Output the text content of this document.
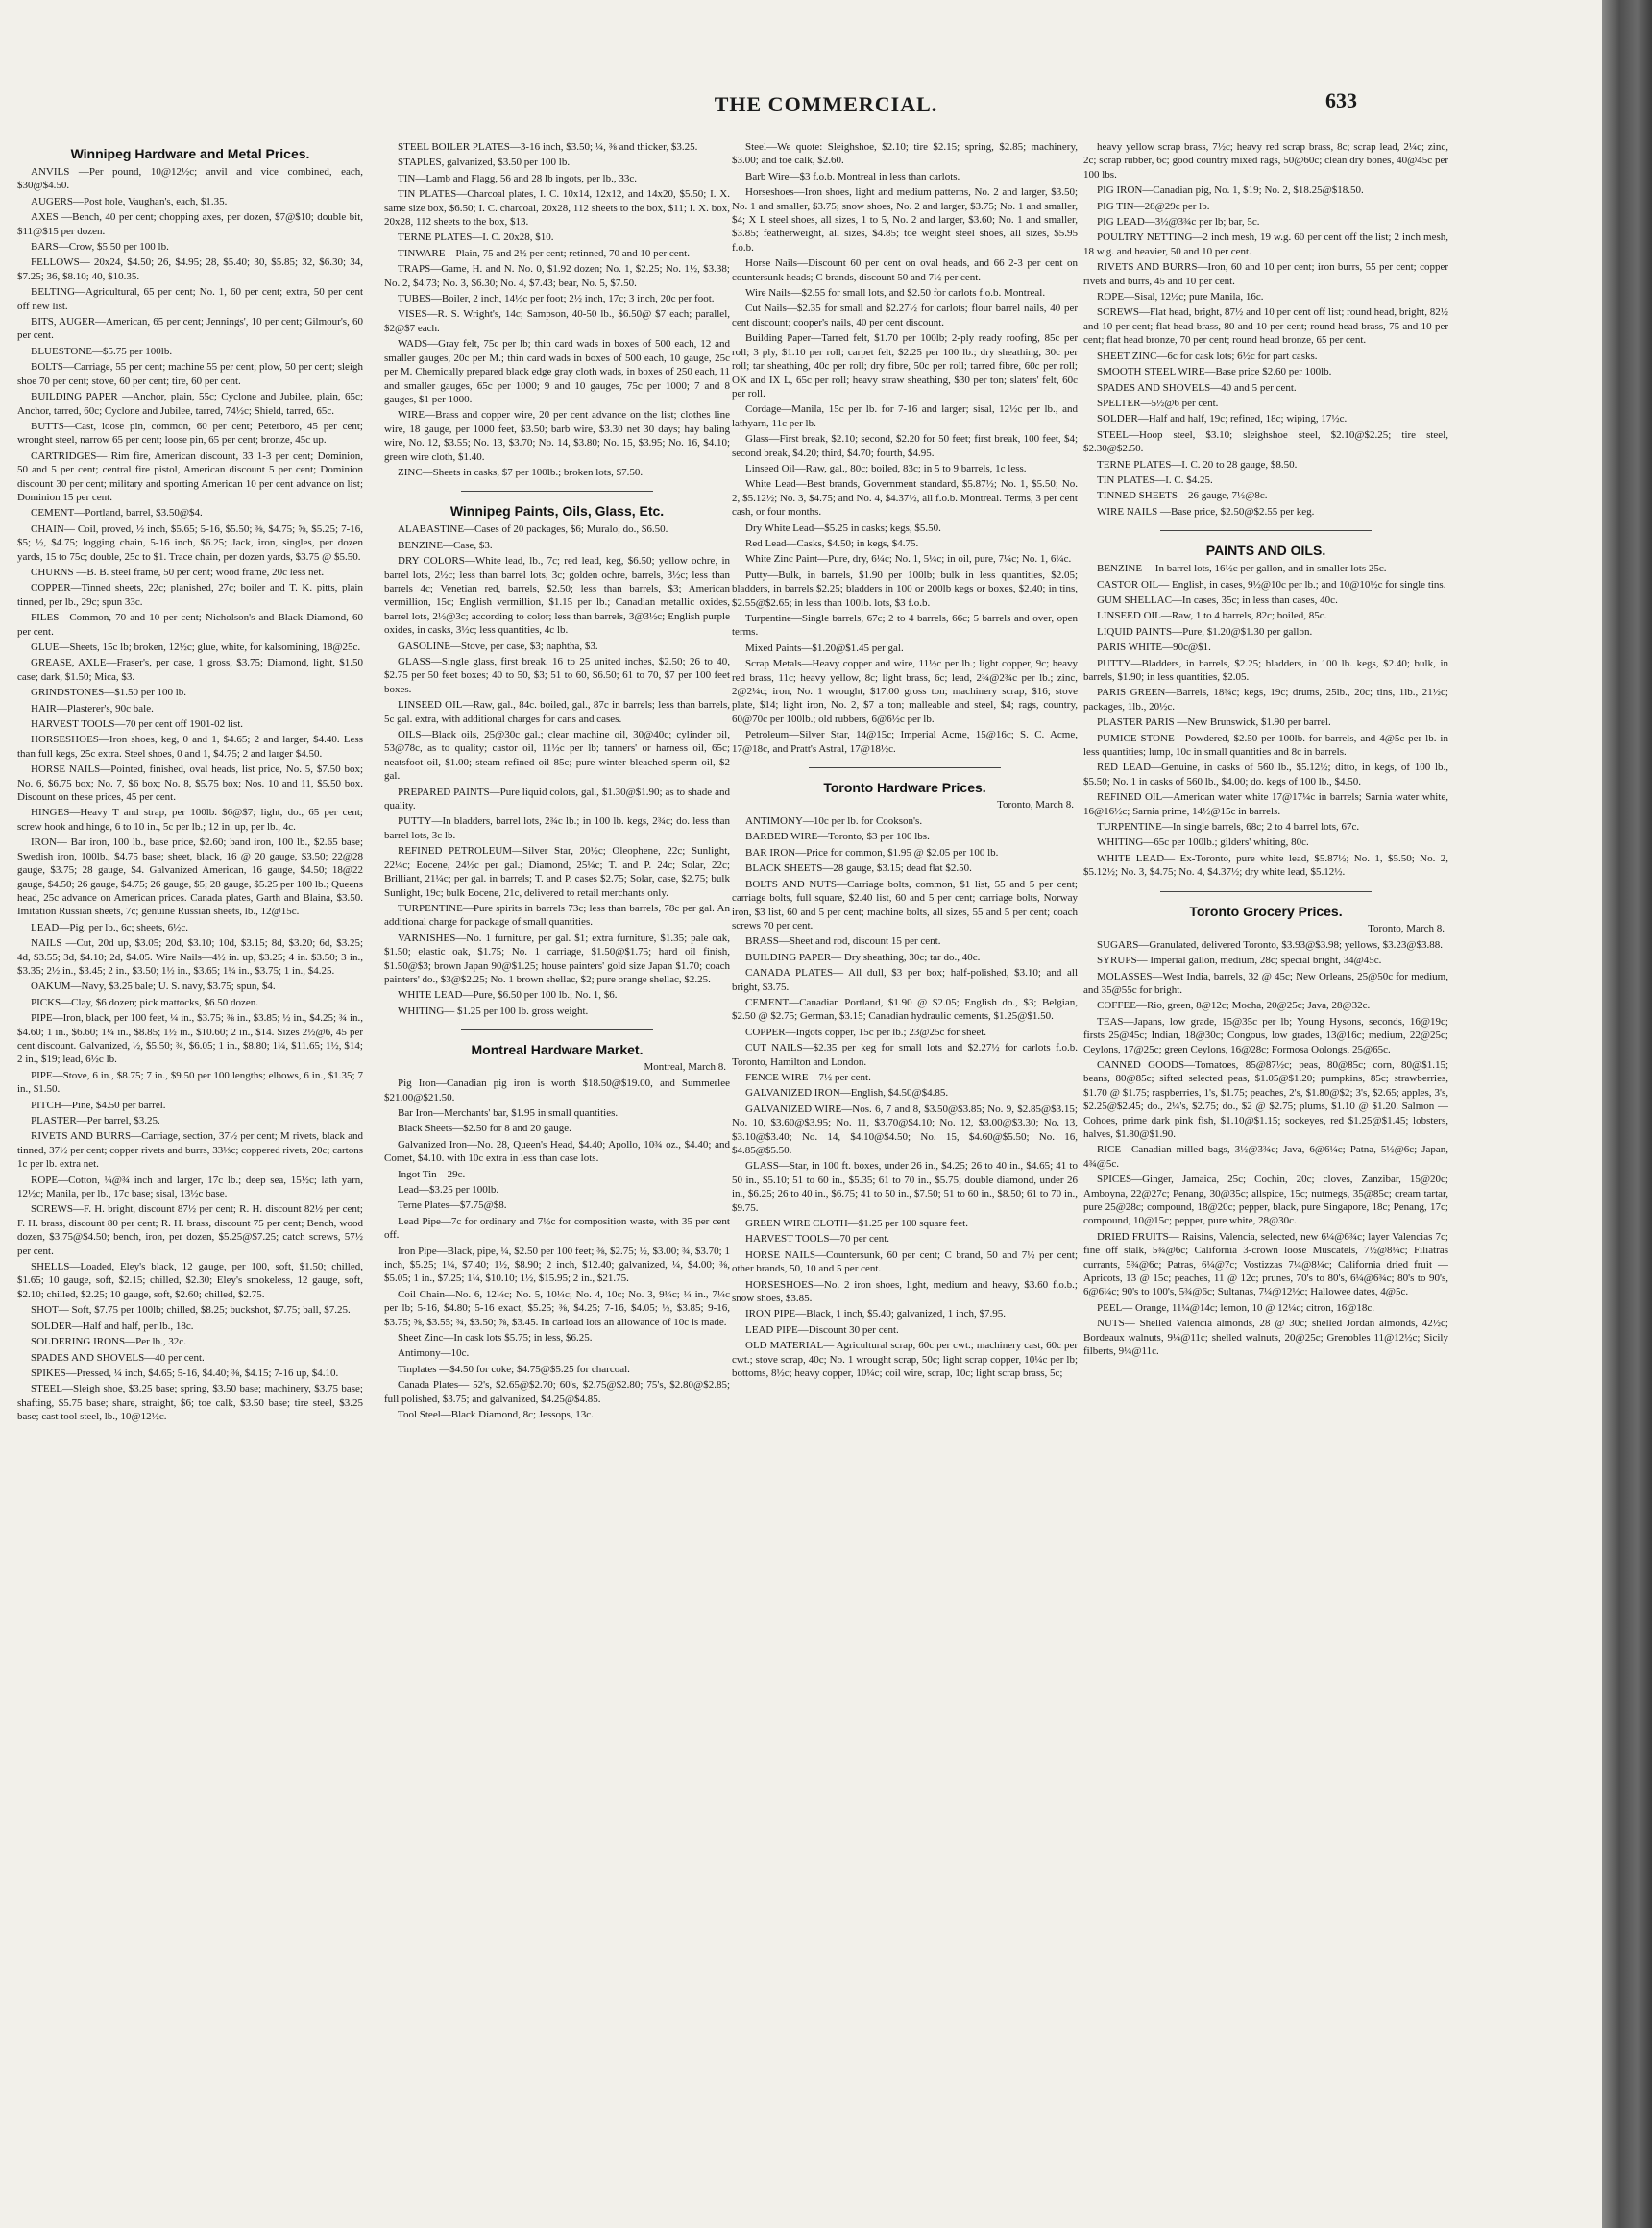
THE COMMERCIAL.	633
Winnipeg Hardware and Metal Prices.

ANVILS —Per pound, 10@12½c; anvil and vice combined, each, $30@$4.50.

AUGERS—Post hole, Vaughan's, each, $1.35.

AXES —Bench, 40 per cent; chopping axes, per dozen, $7@$10; double bit, $11@$15 per dozen.

BARS—Crow, $5.50 per 100 lb.

FELLOWS— 20x24, $4.50; 26, $4.95; 28, $5.40; 30, $5.85; 32, $6.30; 34, $7.25; 36, $8.10; 40, $10.35.

BELTING—Agricultural, 65 per cent; No. 1, 60 per cent; extra, 50 per cent off new list.

BITS, AUGER—American, 65 per cent; Jennings', 10 per cent; Gilmour's, 60 per cent.

BLUESTONE—$5.75 per 100lb.

BOLTS—Carriage, 55 per cent; machine 55 per cent; plow, 50 per cent; sleigh shoe 70 per cent; stove, 60 per cent; tire, 60 per cent.

BUILDING PAPER —Anchor, plain, 55c; Cyclone and Jubilee, plain, 65c; Anchor, tarred, 60c; Cyclone and Jubilee, tarred, 74½c; Shield, tarred, 65c.

BUTTS—Cast, loose pin, common, 60 per cent; Peterboro, 45 per cent; wrought steel, narrow 65 per cent; loose pin, 65 per cent; bronze, 45c up.

CARTRIDGES— Rim fire, American discount, 33 1-3 per cent; Dominion, 50 and 5 per cent; central fire pistol, American discount 5 per cent; Dominion discount 30 per cent; military and sporting American 10 per cent advance on list; Dominion 15 per cent.

CEMENT—Portland, barrel, $3.50@$4.

CHAIN— Coil, proved, ½ inch, $5.65; 5-16, $5.50; ⅜, $4.75; ⅝, $5.25; 7-16, $5; ½, $4.75; logging chain, 5-16 inch, $6.25; Jack, iron, singles, per dozen yards, 15 to 75c; double, 25c to $1. Trace chain, per dozen yards, $3.75 @ $5.50.

CHURNS —B. B. steel frame, 50 per cent; wood frame, 20c less net.

COPPER—Tinned sheets, 22c; planished, 27c; boiler and T. K. pitts, plain tinned, per lb., 29c; spun 33c.

FILES—Common, 70 and 10 per cent; Nicholson's and Black Diamond, 60 per cent.

GLUE—Sheets, 15c lb; broken, 12½c; glue, white, for kalsomining, 18@25c.

GREASE, AXLE—Fraser's, per case, 1 gross, $3.75; Diamond, light, $1.50 case; dark, $1.50; Mica, $3.

GRINDSTONES—$1.50 per 100 lb.

HAIR—Plasterer's, 90c bale.

HARVEST TOOLS—70 per cent off 1901-02 list.

HORSESHOES—Iron shoes, keg, 0 and 1, $4.65; 2 and larger, $4.40. Less than full kegs, 25c extra. Steel shoes, 0 and 1, $4.75; 2 and larger $4.50.

HORSE NAILS—Pointed, finished, oval heads, list price, No. 5, $7.50 box; No. 6, $6.75 box; No. 7, $6 box; No. 8, $5.75 box; Nos. 10 and 11, $5.50 box. Discount on these prices, 45 per cent.

HINGES—Heavy T and strap, per 100lb. $6@$7; light, do., 65 per cent; screw hook and hinge, 6 to 10 in., 5c per lb.; 12 in. up, per lb., 4c.

IRON— Bar iron, 100 lb., base price, $2.60; band iron, 100 lb., $2.65 base; Swedish iron, 100lb., $4.75 base; sheet, black, 16 @ 20 gauge, $3.50; 22@28 gauge, $3.75; 28 gauge, $4. Galvanized American, 16 gauge, $4.50; 18@22 gauge, $4.50; 26 gauge, $4.75; 26 gauge, $5; 28 gauge, $5.25 per 100 lb.; Queens head, 25c advance on American prices. Canada plates, Garth and Blaina, $3.50. Imitation Russian sheets, 7c; genuine Russian sheets, lb., 12@15c.

LEAD—Pig, per lb., 6c; sheets, 6½c.

NAILS —Cut, 20d up, $3.05; 20d, $3.10; 10d, $3.15; 8d, $3.20; 6d, $3.25; 4d, $3.55; 3d, $4.10; 2d, $4.05. Wire Nails—4½ in. up, $3.25; 4 in. $3.50; 3 in., $3.35; 2½ in., $3.45; 2 in., $3.50; 1½ in., $3.65; 1¼ in., $3.75; 1 in., $4.25.

OAKUM—Navy, $3.25 bale; U. S. navy, $3.75; spun, $4.

PICKS—Clay, $6 dozen; pick mattocks, $6.50 dozen.

PIPE—Iron, black, per 100 feet, ¼ in., $3.75; ⅜ in., $3.85; ½ in., $4.25; ¾ in., $4.60; 1 in., $6.60; 1¼ in., $8.85; 1½ in., $10.60; 2 in., $14. Sizes 2½@6, 45 per cent discount. Galvanized, ½, $5.50; ¾, $6.05; 1 in., $8.80; 1¼, $11.65; 1½, $14; 2 in., $19; lead, 6½c lb.

PIPE—Stove, 6 in., $8.75; 7 in., $9.50 per 100 lengths; elbows, 6 in., $1.35; 7 in., $1.50.

PITCH—Pine, $4.50 per barrel.

PLASTER—Per barrel, $3.25.

RIVETS AND BURRS—Carriage, section, 37½ per cent; M rivets, black and tinned, 37½ per cent; copper rivets and burrs, 33⅓c; coppered rivets, 20c; cartons 1c per lb. extra net.

ROPE—Cotton, ¼@¾ inch and larger, 17c lb.; deep sea, 15½c; lath yarn, 12½c; Manila, per lb., 17c base; sisal, 13½c base.

SCREWS—F. H. bright, discount 87½ per cent; R. H. discount 82½ per cent; F. H. brass, discount 80 per cent; R. H. brass, discount 75 per cent; Bench, wood dozen, $3.75@$4.50; bench, iron, per dozen, $5.25@$7.25; catch screws, 57½ per cent.

SHELLS—Loaded, Eley's black, 12 gauge, per 100, soft, $1.50; chilled, $1.65; 10 gauge, soft, $2.15; chilled, $2.30; Eley's smokeless, 12 gauge, soft, $2.10; chilled, $2.25; 10 gauge, soft, $2.60; chilled, $2.75.

SHOT— Soft, $7.75 per 100lb; chilled, $8.25; buckshot, $7.75; ball, $7.25.

SOLDER—Half and half, per lb., 18c.

SOLDERING IRONS—Per lb., 32c.

SPADES AND SHOVELS—40 per cent.

SPIKES—Pressed, ¼ inch, $4.65; 5-16, $4.40; ⅜, $4.15; 7-16 up, $4.10.

STEEL—Sleigh shoe, $3.25 base; spring, $3.50 base; machinery, $3.75 base; shafting, $5.75 base; share, straight, $6; toe calk, $3.50 base; tire steel, $3.25 base; cast tool steel, lb., 10@12½c.

STEEL BOILER PLATES—3-16 inch, $3.50; ¼, ⅜ and thicker, $3.25.

STAPLES, galvanized, $3.50 per 100 lb.

TIN—Lamb and Flagg, 56 and 28 lb ingots, per lb., 33c.

TIN PLATES—Charcoal plates, I. C. 10x14, 12x12, and 14x20, $5.50; I. X. same size box, $6.50; I. C. charcoal, 20x28, 112 sheets to the box, $11; I. X. box, 20x28, 112 sheets to the box, $13.

TERNE PLATES—I. C. 20x28, $10.

TINWARE—Plain, 75 and 2½ per cent; retinned, 70 and 10 per cent.

TRAPS—Game, H. and N. No. 0, $1.92 dozen; No. 1, $2.25; No. 1½, $3.38; No. 2, $4.73; No. 3, $6.30; No. 4, $7.43; bear, No. 5, $7.50.

TUBES—Boiler, 2 inch, 14½c per foot; 2½ inch, 17c; 3 inch, 20c per foot.

VISES—R. S. Wright's, 14c; Sampson, 40-50 lb., $6.50@ $7 each; parallel, $2@$7 each.

WADS—Gray felt, 75c per lb; thin card wads in boxes of 500 each, 12 and smaller gauges, 20c per M.; thin card wads in boxes of 500 each, 10 gauge, 25c per M. Chemically prepared black edge gray cloth wads, in boxes of 250 each, 11 and smaller gauges, 65c per 1000; 9 and 10 gauges, 75c per 1000; 7 and 8 gauges, $1 per 1000.

WIRE—Brass and copper wire, 20 per cent advance on the list; clothes line wire, 18 gauge, per 1000 feet, $3.50; barb wire, $3.30 net 30 days; hay baling wire, No. 12, $3.55; No. 13, $3.70; No. 14, $3.80; No. 15, $3.95; No. 16, $4.10; green wire cloth, $1.40.

ZINC—Sheets in casks, $7 per 100lb.; broken lots, $7.50.

Winnipeg Paints, Oils, Glass, Etc.

ALABASTINE—Cases of 20 packages, $6; Muralo, do., $6.50.

BENZINE—Case, $3.

DRY COLORS—White lead, lb., 7c; red lead, keg, $6.50; yellow ochre, in barrel lots, 2½c; less than barrel lots, 3c; golden ochre, barrels, 3½c; less than barrels 4c; Venetian red, barrels, $2.50; less than barrels, $3; American vermillion, 15c; English vermillion, $1.15 per lb.; Canadian metallic oxides, barrel lots, 2½@3c; according to color; less than barrels, 3@3½c; English purple oxides, in casks, 3½c; less quantities, 4c lb.

GASOLINE—Stove, per case, $3; naphtha, $3.

GLASS—Single glass, first break, 16 to 25 united inches, $2.50; 26 to 40, $2.75 per 50 feet boxes; 40 to 50, $3; 51 to 60, $6.50; 61 to 70, $7 per 100 feet boxes.

LINSEED OIL—Raw, gal., 84c. boiled, gal., 87c in barrels; less than barrels, 5c gal. extra, with additional charges for cans and cases.

OILS—Black oils, 25@30c gal.; clear machine oil, 30@40c; cylinder oil, 53@78c, as to quality; castor oil, 11½c per lb; tanners' or harness oil, 65c; neatsfoot oil, $1.00; steam refined oil 85c; pure winter bleached sperm oil, $2 gal.

PREPARED PAINTS—Pure liquid colors, gal., $1.30@$1.90; as to shade and quality.

PUTTY—In bladders, barrel lots, 2¾c lb.; in 100 lb. kegs, 2¾c; do. less than barrel lots, 3c lb.

REFINED PETROLEUM—Silver Star, 20½c; Oleophene, 22c; Sunlight, 22¼c; Eocene, 24½c per gal.; Diamond, 25¼c; T. and P. 24c; Solar, 22c; Brilliant, 21¼c; per gal. in barrels; T. and P. cases $2.75; Solar, case, $2.75; bulk Sunlight, 19c; bulk Eocene, 21c, delivered to retail merchants only.

TURPENTINE—Pure spirits in barrels 73c; less than barrels, 78c per gal. An additional charge for package of small quantities.

VARNISHES—No. 1 furniture, per gal. $1; extra furniture, $1.35; pale oak, $1.50; elastic oak, $1.75; No. 1 carriage, $1.50@$1.75; hard oil finish, $1.50@$3; brown Japan 90@$1.25; house painters' gold size Japan $1.70; coach painters' do., $3@$2.25; No. 1 brown shellac, $2; pure orange shellac, $2.25.

WHITE LEAD—Pure, $6.50 per 100 lb.; No. 1, $6.

WHITING— $1.25 per 100 lb. gross weight.

Montreal Hardware Market.
Montreal, March 8.

Pig Iron—Canadian pig iron is worth $18.50@$19.00, and Summerlee $21.00@$21.50.

Bar Iron—Merchants' bar, $1.95 in small quantities.

Black Sheets—$2.50 for 8 and 20 gauge.

Galvanized Iron—No. 28, Queen's Head, $4.40; Apollo, 10¾ oz., $4.40; and Comet, $4.10. with 10c extra in less than case lots.

Ingot Tin—29c.

Lead—$3.25 per 100lb.

Terne Plates—$7.75@$8.

Lead Pipe—7c for ordinary and 7½c for composition waste, with 35 per cent off.

Iron Pipe—Black, pipe, ¼, $2.50 per 100 feet; ⅜, $2.75; ½, $3.00; ¾, $3.70; 1 inch, $5.25; 1¼, $7.40; 1½, $8.90; 2 inch, $12.40; galvanized, ¼, $4.00; ⅜, $5.05; 1 in., $7.25; 1¼, $10.10; 1½, $15.95; 2 in., $21.75.

Coil Chain—No. 6, 12¼c; No. 5, 10¼c; No. 4, 10c; No. 3, 9¼c; ¼ in., 7¼c per lb; 5-16, $4.80; 5-16 exact, $5.25; ⅜, $4.25; 7-16, $4.05; ½, $3.85; 9-16, $3.75; ⅝, $3.55; ¾, $3.50; ⅞, $3.45. In carload lots an allowance of 10c is made.

Sheet Zinc—In cask lots $5.75; in less, $6.25.

Antimony—10c.

Tinplates —$4.50 for coke; $4.75@$5.25 for charcoal.

Canada Plates— 52's, $2.65@$2.70; 60's, $2.75@$2.80; 75's, $2.80@$2.85; full polished, $3.75; and galvanized, $4.25@$4.85.

Tool Steel—Black Diamond, 8c; Jessops, 13c.

Steel—We quote: Sleighshoe, $2.10; tire $2.15; spring, $2.85; machinery, $3.00; and toe calk, $2.60.

Barb Wire—$3 f.o.b. Montreal in less than carlots.

Horseshoes—Iron shoes, light and medium patterns, No. 2 and larger, $3.50; No. 1 and smaller, $3.75; snow shoes, No. 2 and larger, $3.75; No. 1 and smaller, $4; X L steel shoes, all sizes, 1 to 5, No. 2 and larger, $3.60; No. 1 and smaller, $3.85; featherweight, all sizes, $4.85; toe weight steel shoes, all sizes, $5.95 f.o.b.

Horse Nails—Discount 60 per cent on oval heads, and 66 2-3 per cent on countersunk heads; C brands, discount 50 and 7½ per cent.

Wire Nails—$2.55 for small lots, and $2.50 for carlots f.o.b. Montreal.

Cut Nails—$2.35 for small and $2.27½ for carlots; flour barrel nails, 40 per cent discount; cooper's nails, 40 per cent discount.

Building Paper—Tarred felt, $1.70 per 100lb; 2-ply ready roofing, 85c per roll; 3 ply, $1.10 per roll; carpet felt, $2.25 per 100 lb.; dry sheathing, 30c per roll; tar sheathing, 40c per roll; dry fibre, 50c per roll; tarred fibre, 60c per roll; OK and IX L, 65c per roll; heavy straw sheathing, $30 per ton; slaters' felt, 60c per roll.

Cordage—Manila, 15c per lb. for 7-16 and larger; sisal, 12½c per lb., and lathyarn, 11c per lb.

Glass—First break, $2.10; second, $2.20 for 50 feet; first break, 100 feet, $4; second break, $4.20; third, $4.70; fourth, $4.95.

Linseed Oil—Raw, gal., 80c; boiled, 83c; in 5 to 9 barrels, 1c less.

White Lead—Best brands, Government standard, $5.87½; No. 1, $5.50; No. 2, $5.12½; No. 3, $4.75; and No. 4, $4.37½, all f.o.b. Montreal. Terms, 3 per cent cash, or four months.

Dry White Lead—$5.25 in casks; kegs, $5.50.

Red Lead—Casks, $4.50; in kegs, $4.75.

White Zinc Paint—Pure, dry, 6¼c; No. 1, 5¼c; in oil, pure, 7¼c; No. 1, 6¼c.

Putty—Bulk, in barrels, $1.90 per 100lb; bulk in less quantities, $2.05; bladders, in barrels $2.25; bladders in 100 or 200lb kegs or boxes, $2.40; in tins, $2.55@$2.65; in less than 100lb. lots, $3 f.o.b.

Turpentine—Single barrels, 67c; 2 to 4 barrels, 66c; 5 barrels and over, open terms.

Mixed Paints—$1.20@$1.45 per gal.

Scrap Metals—Heavy copper and wire, 11½c per lb.; light copper, 9c; heavy red brass, 11c; heavy yellow, 8c; light brass, 6c; lead, 2¾@2¾c per lb.; zinc, 2@2¼c; iron, No. 1 wrought, $17.00 gross ton; machinery scrap, $16; stove plate, $14; light iron, No. 2, $7 a ton; malleable and steel, $4; rags, country, 60@70c per 100lb.; old rubbers, 6@6½c per lb.

Petroleum—Silver Star, 14@15c; Imperial Acme, 15@16c; S. C. Acme, 17@18c, and Pratt's Astral, 17@18½c.

Toronto Hardware Prices.
Toronto, March 8.

ANTIMONY—10c per lb. for Cookson's.

BARBED WIRE—Toronto, $3 per 100 lbs.

BAR IRON—Price for common, $1.95 @ $2.05 per 100 lb.

BLACK SHEETS—28 gauge, $3.15; dead flat $2.50.

BOLTS AND NUTS—Carriage bolts, common, $1 list, 55 and 5 per cent; carriage bolts, full square, $2.40 list, 60 and 5 per cent; carriage bolts, Norway iron, $3 list, 60 and 5 per cent; machine bolts, all sizes, 55 and 5 per cent; coach screws 70 per cent.

BRASS—Sheet and rod, discount 15 per cent.

BUILDING PAPER— Dry sheathing, 30c; tar do., 40c.

CANADA PLATES— All dull, $3 per box; half-polished, $3.10; and all bright, $3.75.

CEMENT—Canadian Portland, $1.90 @ $2.05; English do., $3; Belgian, $2.50 @ $2.75; German, $3.15; Canadian hydraulic cements, $1.25@$1.50.

COPPER—Ingots copper, 15c per lb.; 23@25c for sheet.

CUT NAILS—$2.35 per keg for small lots and $2.27½ for carlots f.o.b. Toronto, Hamilton and London.

FENCE WIRE—7½ per cent.

GALVANIZED IRON—English, $4.50@$4.85.

GALVANIZED WIRE—Nos. 6, 7 and 8, $3.50@$3.85; No. 9, $2.85@$3.15; No. 10, $3.60@$3.95; No. 11, $3.70@$4.10; No. 12, $3.00@$3.30; No. 13, $3.10@$3.40; No. 14, $4.10@$4.50; No. 15, $4.60@$5.50; No. 16, $4.85@$5.50.

GLASS—Star, in 100 ft. boxes, under 26 in., $4.25; 26 to 40 in., $4.65; 41 to 50 in., $5.10; 51 to 60 in., $5.35; 61 to 70 in., $5.75; double diamond, under 26 in., $6.25; 26 to 40 in., $6.75; 41 to 50 in., $7.50; 51 to 60 in., $8.50; 61 to 70 in., $9.75.

GREEN WIRE CLOTH—$1.25 per 100 square feet.

HARVEST TOOLS—70 per cent.

HORSE NAILS—Countersunk, 60 per cent; C brand, 50 and 7½ per cent; other brands, 50, 10 and 5 per cent.

HORSESHOES—No. 2 iron shoes, light, medium and heavy, $3.60 f.o.b.; snow shoes, $3.85.

IRON PIPE—Black, 1 inch, $5.40; galvanized, 1 inch, $7.95.

LEAD PIPE—Discount 30 per cent.

OLD MATERIAL— Agricultural scrap, 60c per cwt.; machinery cast, 60c per cwt.; stove scrap, 40c; No. 1 wrought scrap, 50c; light scrap copper, 10¼c per lb; bottoms, 8½c; heavy copper, 10¼c; coil wire, scrap, 10c; light scrap brass, 5c;

heavy yellow scrap brass, 7½c; heavy red scrap brass, 8c; scrap lead, 2¼c; zinc, 2c; scrap rubber, 6c; good country mixed rags, 50@60c; clean dry bones, 40@45c per 100 lbs.

PIG IRON—Canadian pig, No. 1, $19; No. 2, $18.25@$18.50.

PIG TIN—28@29c per lb.

PIG LEAD—3½@3¾c per lb; bar, 5c.

POULTRY NETTING—2 inch mesh, 19 w.g. 60 per cent off the list; 2 inch mesh, 18 w.g. and heavier, 50 and 10 per cent.

RIVETS AND BURRS—Iron, 60 and 10 per cent; iron burrs, 55 per cent; copper rivets and burrs, 45 and 10 per cent.

ROPE—Sisal, 12½c; pure Manila, 16c.

SCREWS—Flat head, bright, 87½ and 10 per cent off list; round head, bright, 82½ and 10 per cent; flat head brass, 80 and 10 per cent; round head brass, 75 and 10 per cent; flat head bronze, 70 per cent; round head bronze, 65 per cent.

SHEET ZINC—6c for cask lots; 6½c for part casks.

SMOOTH STEEL WIRE—Base price $2.60 per 100lb.

SPADES AND SHOVELS—40 and 5 per cent.

SPELTER—5½@6 per cent.

SOLDER—Half and half, 19c; refined, 18c; wiping, 17½c.

STEEL—Hoop steel, $3.10; sleighshoe steel, $2.10@$2.25; tire steel, $2.30@$2.50.

TERNE PLATES—I. C. 20 to 28 gauge, $8.50.

TIN PLATES—I. C. $4.25.

TINNED SHEETS—26 gauge, 7½@8c.

WIRE NAILS —Base price, $2.50@$2.55 per keg.

PAINTS AND OILS.

BENZINE— In barrel lots, 16½c per gallon, and in smaller lots 25c.

CASTOR OIL— English, in cases, 9½@10c per lb.; and 10@10½c for single tins.

GUM SHELLAC—In cases, 35c; in less than cases, 40c.

LINSEED OIL—Raw, 1 to 4 barrels, 82c; boiled, 85c.

LIQUID PAINTS—Pure, $1.20@$1.30 per gallon.

PARIS WHITE—90c@$1.

PUTTY—Bladders, in barrels, $2.25; bladders, in 100 lb. kegs, $2.40; bulk, in barrels, $1.90; in less quantities, $2.05.

PARIS GREEN—Barrels, 18¾c; kegs, 19c; drums, 25lb., 20c; tins, 1lb., 21½c; packages, 1lb., 20½c.

PLASTER PARIS —New Brunswick, $1.90 per barrel.

PUMICE STONE—Powdered, $2.50 per 100lb. for barrels, and 4@5c per lb. in less quantities; lump, 10c in small quantities and 8c in barrels.

RED LEAD—Genuine, in casks of 560 lb., $5.12½; ditto, in kegs, of 100 lb., $5.50; No. 1 in casks of 560 lb., $4.00; do. kegs of 100 lb., $4.50.

REFINED OIL—American water white 17@17¼c in barrels; Sarnia water white, 16@16½c; Sarnia prime, 14½@15c in barrels.

TURPENTINE—In single barrels, 68c; 2 to 4 barrel lots, 67c.

WHITING—65c per 100lb.; gilders' whiting, 80c.

WHITE LEAD— Ex-Toronto, pure white lead, $5.87½; No. 1, $5.50; No. 2, $5.12½; No. 3, $4.75; No. 4, $4.37½; dry white lead, $5.12½.

Toronto Grocery Prices.
Toronto, March 8.

SUGARS—Granulated, delivered Toronto, $3.93@$3.98; yellows, $3.23@$3.88.

SYRUPS— Imperial gallon, medium, 28c; special bright, 34@45c.

MOLASSES—West India, barrels, 32 @ 45c; New Orleans, 25@50c for medium, and 35@55c for bright.

COFFEE—Rio, green, 8@12c; Mocha, 20@25c; Java, 28@32c.

TEAS—Japans, low grade, 15@35c per lb; Young Hysons, seconds, 16@19c; firsts 25@45c; Indian, 18@30c; Congous, low grades, 13@16c; medium, 22@25c; Ceylons, 17@25c; green Ceylons, 16@28c; Formosa Oolongs, 25@65c.

CANNED GOODS—Tomatoes, 85@87½c; peas, 80@85c; corn, 80@$1.15; beans, 80@85c; sifted selected peas, $1.05@$1.20; pumpkins, 85c; strawberries, $1.70 @ $1.75; raspberries, 1's, $1.75; peaches, 2's, $1.80@$2; 3's, $2.65; apples, 3's, $2.25@$2.45; do., 2¼'s, $2.75; do., $2 @ $2.75; plums, $1.10 @ $1.20. Salmon —Cohoes, prime dark pink fish, $1.10@$1.15; sockeyes, red $1.25@$1.45; lobsters, halves, $1.80@$1.90.

RICE—Canadian milled bags, 3½@3¾c; Java, 6@6¼c; Patna, 5½@6c; Japan, 4¾@5c.

SPICES—Ginger, Jamaica, 25c; Cochin, 20c; cloves, Zanzibar, 15@20c; Amboyna, 22@27c; Penang, 30@35c; allspice, 15c; nutmegs, 35@85c; cream tartar, pure 25@28c; compound, 18@20c; pepper, black, pure Singapore, 18c; Penang, 17c; compound, 10@15c; pepper, pure white, 28@30c.

DRIED FRUITS— Raisins, Valencia, selected, new 6¼@6¾c; layer Valencias 7c; fine off stalk, 5¾@6c; California 3-crown loose Muscatels, 7½@8¼c; Filiatras currants, 5¾@6c; Patras, 6¼@7c; Vostizzas 7¼@8¼c; California dried fruit — Apricots, 13 @ 15c; peaches, 11 @ 12c; prunes, 70's to 80's, 6¼@6¾c; 80's to 90's, 6@6¼c; 90's to 100's, 5¾@6c; Sultanas, 7¼@12½c; Hallowee dates, 4@5c.

PEEL— Orange, 11¼@14c; lemon, 10 @ 12¼c; citron, 16@18c.

NUTS— Shelled Valencia almonds, 28 @ 30c; shelled Jordan almonds, 42½c; Bordeaux walnuts, 9¼@11c; shelled walnuts, 20@25c; Grenobles 11@12½c; Sicily filberts, 9¼@11c.
